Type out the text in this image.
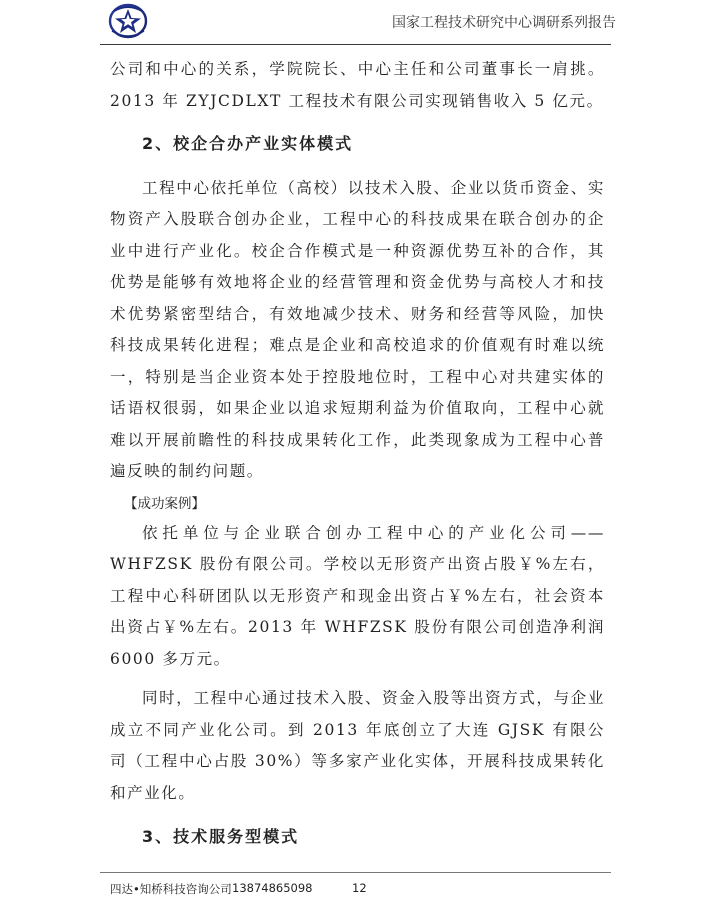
国家工程技术研究中心调研系列报告

公司和中心的关系，学院院长、中心主任和公司董事长一肩挑。2013 年 ZYJCDLXT 工程技术有限公司实现销售收入 5 亿元。

2、校企合办产业实体模式

工程中心依托单位（高校）以技术入股、企业以货币资金、实物资产入股联合创办企业，工程中心的科技成果在联合创办的企业中进行产业化。校企合作模式是一种资源优势互补的合作，其优势是能够有效地将企业的经营管理和资金优势与高校人才和技术优势紧密型结合，有效地减少技术、财务和经营等风险，加快科技成果转化进程；难点是企业和高校追求的价值观有时难以统一，特别是当企业资本处于控股地位时，工程中心对共建实体的话语权很弱，如果企业以追求短期利益为价值取向，工程中心就难以开展前瞻性的科技成果转化工作，此类现象成为工程中心普遍反映的制约问题。

【成功案例】

依托单位与企业联合创办工程中心的产业化公司——WHFZSK 股份有限公司。学校以无形资产出资占股￥%左右，工程中心科研团队以无形资产和现金出资占￥%左右，社会资本出资占￥%左右。2013 年 WHFZSK 股份有限公司创造净利润 6000 多万元。

同时，工程中心通过技术入股、资金入股等出资方式，与企业成立不同产业化公司。到 2013 年底创立了大连 GJSK 有限公司（工程中心占股 30%）等多家产业化实体，开展科技成果转化和产业化。

3、技术服务型模式
四达•知桥科技咨询公司 13874865098	12
